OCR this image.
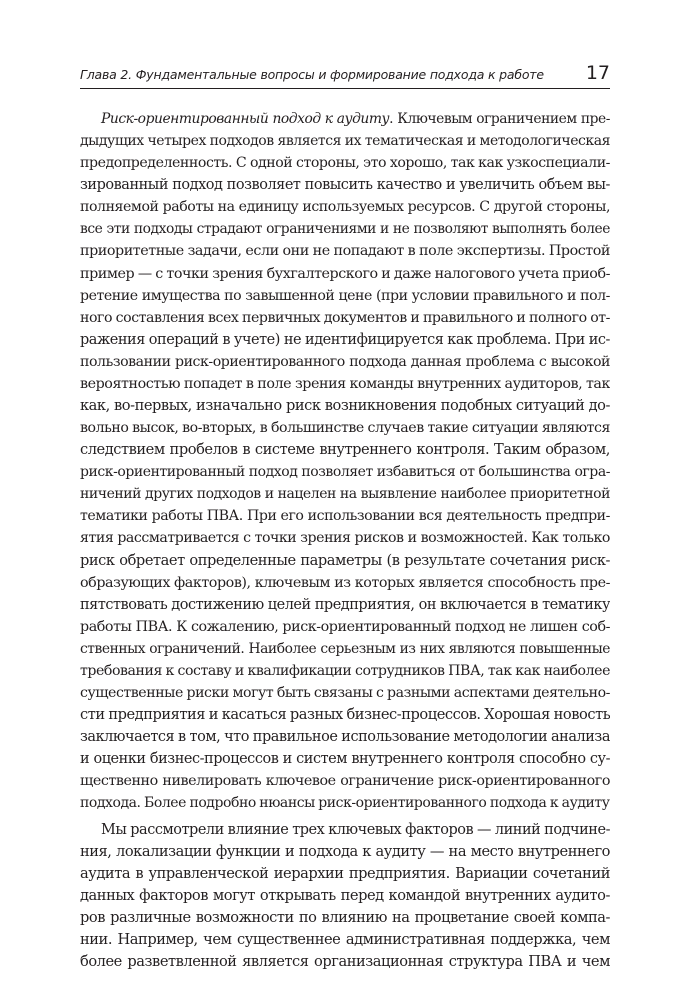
Глава 2. Фундаментальные вопросы и формирование подхода к работе 17
Риск-ориентированный подход к аудиту. Ключевым ограничением пре-
дыдущих четырех подходов является их тематическая и методологическая
предопределенность. С одной стороны, это хорошо, так как узкоспециали-
зированный подход позволяет повысить качество и увеличить объем вы-
полняемой работы на единицу используемых ресурсов. С другой стороны,
все эти подходы страдают ограничениями и не позволяют выполнять более
приоритетные задачи, если они не попадают в поле экспертизы. Простой
пример — с точки зрения бухгалтерского и даже налогового учета приоб-
ретение имущества по завышенной цене (при условии правильного и пол-
ного составления всех первичных документов и правильного и полного от-
ражения операций в учете) не идентифицируется как проблема. При ис-
пользовании риск-ориентированного подхода данная проблема с высокой
вероятностью попадет в поле зрения команды внутренних аудиторов, так
как, во-первых, изначально риск возникновения подобных ситуаций до-
вольно высок, во-вторых, в большинстве случаев такие ситуации являются
следствием пробелов в системе внутреннего контроля. Таким образом,
риск-ориентированный подход позволяет избавиться от большинства огра-
ничений других подходов и нацелен на выявление наиболее приоритетной
тематики работы ПВА. При его использовании вся деятельность предпри-
ятия рассматривается с точки зрения рисков и возможностей. Как только
риск обретает определенные параметры (в результате сочетания риск-
образующих факторов), ключевым из которых является способность пре-
пятствовать достижению целей предприятия, он включается в тематику
работы ПВА. К сожалению, риск-ориентированный подход не лишен соб-
ственных ограничений. Наиболее серьезным из них являются повышенные
требования к составу и квалификации сотрудников ПВА, так как наиболее
существенные риски могут быть связаны с разными аспектами деятельно-
сти предприятия и касаться разных бизнес-процессов. Хорошая новость
заключается в том, что правильное использование методологии анализа
и оценки бизнес-процессов и систем внутреннего контроля способно су-
щественно нивелировать ключевое ограничение риск-ориентированного
подхода. Более подробно нюансы риск-ориентированного подхода к аудиту
Мы рассмотрели влияние трех ключевых факторов — линий подчине-
ния, локализации функции и подхода к аудиту — на место внутреннего
аудита в управленческой иерархии предприятия. Вариации сочетаний
данных факторов могут открывать перед командой внутренних аудито-
ров различные возможности по влиянию на процветание своей компа-
нии. Например, чем существеннее административная поддержка, чем
более разветвленной является организационная структура ПВА и чем
